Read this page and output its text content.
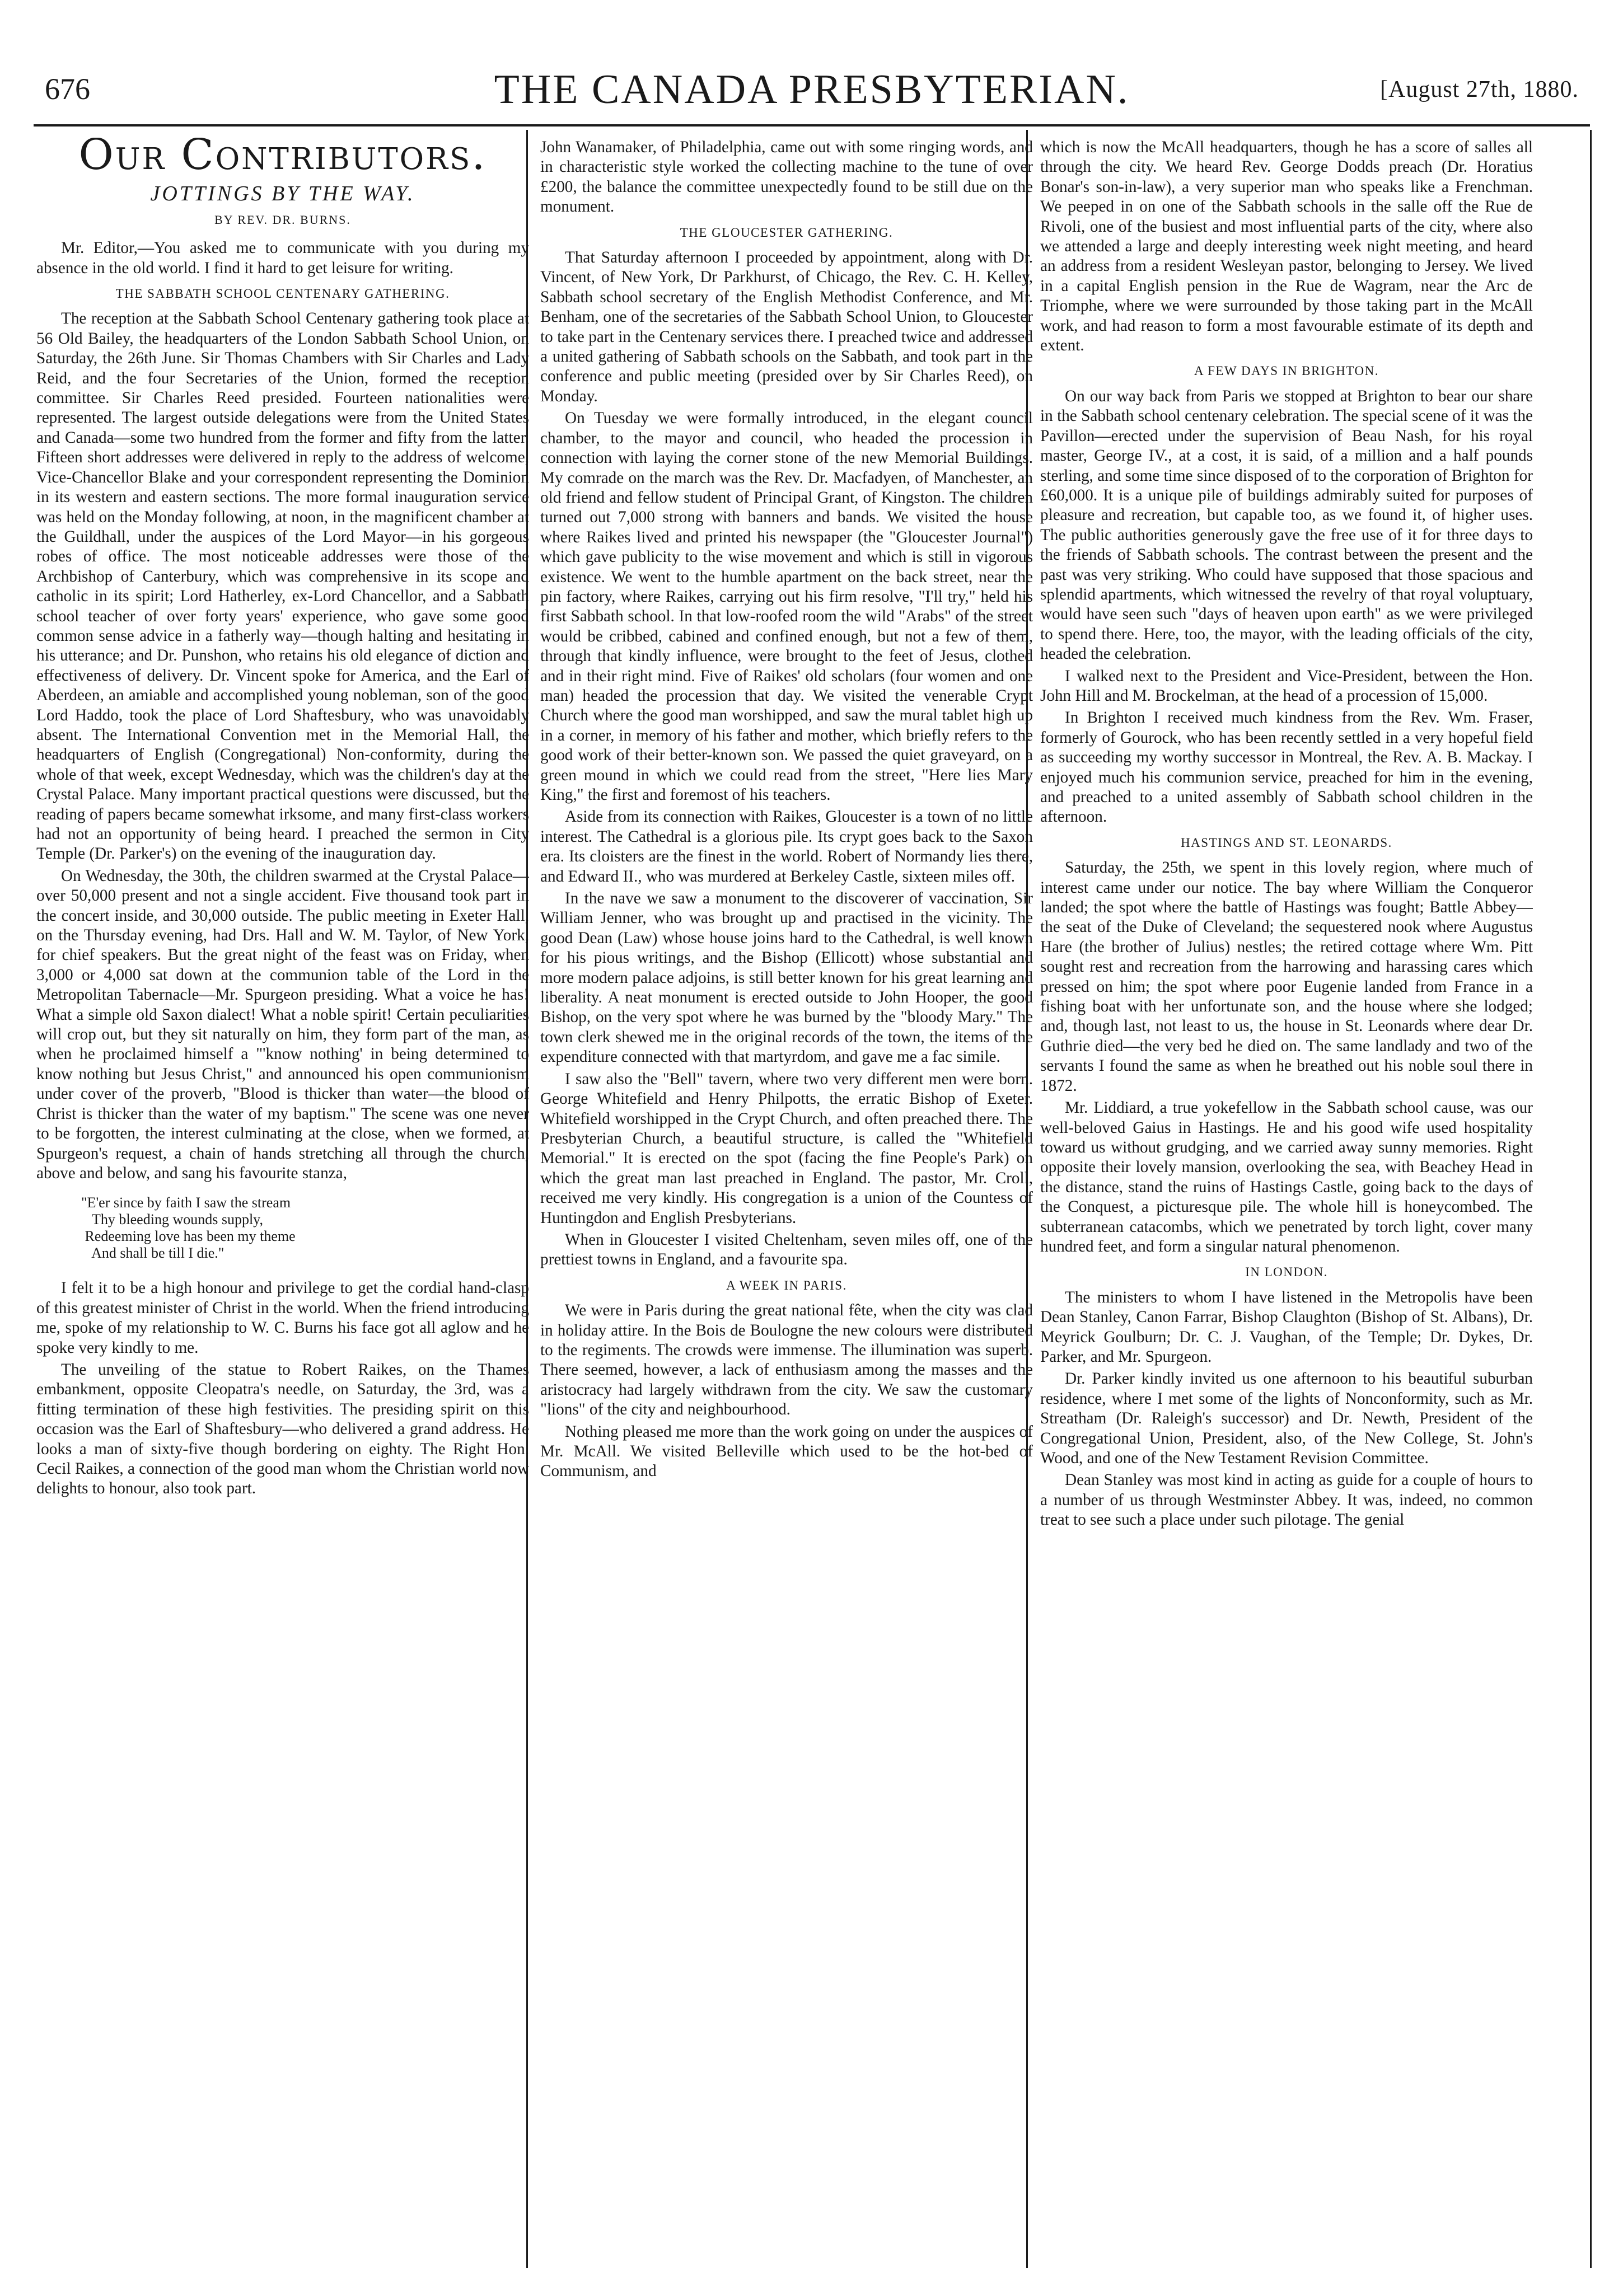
676	THE CANADA PRESBYTERIAN.	[August 27th, 1880.
Our Contributors.
JOTTINGS BY THE WAY.
BY REV. DR. BURNS.

Mr. Editor,—You asked me to communicate with you during my absence in the old world. I find it hard to get leisure for writing.

THE SABBATH SCHOOL CENTENARY GATHERING.

The reception at the Sabbath School Centenary gathering took place at 56 Old Bailey, the headquarters of the London Sabbath School Union, on Saturday, the 26th June. Sir Thomas Chambers with Sir Charles and Lady Reid, and the four Secretaries of the Union, formed the reception committee. Sir Charles Reed presided. Fourteen nationalities were represented. The largest outside delegations were from the United States and Canada—some two hundred from the former and fifty from the latter. Fifteen short addresses were delivered in reply to the address of welcome, Vice-Chancellor Blake and your correspondent representing the Dominion in its western and eastern sections. The more formal inauguration service was held on the Monday following, at noon, in the magnificent chamber at the Guildhall, under the auspices of the Lord Mayor—in his gorgeous robes of office. The most noticeable addresses were those of the Archbishop of Canterbury, which was comprehensive in its scope and catholic in its spirit; Lord Hatherley, ex-Lord Chancellor, and a Sabbath school teacher of over forty years' experience, who gave some good common sense advice in a fatherly way—though halting and hesitating in his utterance; and Dr. Punshon, who retains his old elegance of diction and effectiveness of delivery. Dr. Vincent spoke for America, and the Earl of Aberdeen, an amiable and accomplished young nobleman, son of the good Lord Haddo, took the place of Lord Shaftesbury, who was unavoidably absent. The International Convention met in the Memorial Hall, the headquarters of English (Congregational) Non-conformity, during the whole of that week, except Wednesday, which was the children's day at the Crystal Palace. Many important practical questions were discussed, but the reading of papers became somewhat irksome, and many first-class workers had not an opportunity of being heard. I preached the sermon in City Temple (Dr. Parker's) on the evening of the inauguration day.

On Wednesday, the 30th, the children swarmed at the Crystal Palace—over 50,000 present and not a single accident. Five thousand took part in the concert inside, and 30,000 outside. The public meeting in Exeter Hall, on the Thursday evening, had Drs. Hall and W. M. Taylor, of New York, for chief speakers. But the great night of the feast was on Friday, when 3,000 or 4,000 sat down at the communion table of the Lord in the Metropolitan Tabernacle—Mr. Spurgeon presiding. What a voice he has! What a simple old Saxon dialect! What a noble spirit! Certain peculiarities will crop out, but they sit naturally on him, they form part of the man, as when he proclaimed himself a "'know nothing' in being determined to know nothing but Jesus Christ," and announced his open communionism under cover of the proverb, "Blood is thicker than water—the blood of Christ is thicker than the water of my baptism." The scene was one never to be forgotten, the interest culminating at the close, when we formed, at Spurgeon's request, a chain of hands stretching all through the church, above and below, and sang his favourite stanza,

"E'er since by faith I saw the stream
Thy bleeding wounds supply,
Redeeming love has been my theme
And shall be till I die."

I felt it to be a high honour and privilege to get the cordial hand-clasp of this greatest minister of Christ in the world. When the friend introducing me, spoke of my relationship to W. C. Burns his face got all aglow and he spoke very kindly to me.

The unveiling of the statue to Robert Raikes, on the Thames embankment, opposite Cleopatra's needle, on Saturday, the 3rd, was a fitting termination of these high festivities. The presiding spirit on this occasion was the Earl of Shaftesbury—who delivered a grand address. He looks a man of sixty-five though bordering on eighty. The Right Hon. Cecil Raikes, a connection of the good man whom the Christian world now delights to honour, also took part.

John Wanamaker, of Philadelphia, came out with some ringing words, and in characteristic style worked the collecting machine to the tune of over £200, the balance the committee unexpectedly found to be still due on the monument.

THE GLOUCESTER GATHERING.

That Saturday afternoon I proceeded by appointment, along with Dr. Vincent, of New York, Dr Parkhurst, of Chicago, the Rev. C. H. Kelley, Sabbath school secretary of the English Methodist Conference, and Mr. Benham, one of the secretaries of the Sabbath School Union, to Gloucester to take part in the Centenary services there. I preached twice and addressed a united gathering of Sabbath schools on the Sabbath, and took part in the conference and public meeting (presided over by Sir Charles Reed), on Monday.

On Tuesday we were formally introduced, in the elegant council chamber, to the mayor and council, who headed the procession in connection with laying the corner stone of the new Memorial Buildings. My comrade on the march was the Rev. Dr. Macfadyen, of Manchester, an old friend and fellow student of Principal Grant, of Kingston. The children turned out 7,000 strong with banners and bands. We visited the house where Raikes lived and printed his newspaper (the "Gloucester Journal") which gave publicity to the wise movement and which is still in vigorous existence. We went to the humble apartment on the back street, near the pin factory, where Raikes, carrying out his firm resolve, "I'll try," held his first Sabbath school. In that low-roofed room the wild "Arabs" of the street would be cribbed, cabined and confined enough, but not a few of them, through that kindly influence, were brought to the feet of Jesus, clothed and in their right mind. Five of Raikes' old scholars (four women and one man) headed the procession that day. We visited the venerable Crypt Church where the good man worshipped, and saw the mural tablet high up in a corner, in memory of his father and mother, which briefly refers to the good work of their better-known son. We passed the quiet graveyard, on a green mound in which we could read from the street, "Here lies Mary King," the first and foremost of his teachers.

Aside from its connection with Raikes, Gloucester is a town of no little interest. The Cathedral is a glorious pile. Its crypt goes back to the Saxon era. Its cloisters are the finest in the world. Robert of Normandy lies there, and Edward II., who was murdered at Berkeley Castle, sixteen miles off.

In the nave we saw a monument to the discoverer of vaccination, Sir William Jenner, who was brought up and practised in the vicinity. The good Dean (Law) whose house joins hard to the Cathedral, is well known for his pious writings, and the Bishop (Ellicott) whose substantial and more modern palace adjoins, is still better known for his great learning and liberality. A neat monument is erected outside to John Hooper, the good Bishop, on the very spot where he was burned by the "bloody Mary." The town clerk shewed me in the original records of the town, the items of the expenditure connected with that martyrdom, and gave me a fac simile.

I saw also the "Bell" tavern, where two very different men were born. George Whitefield and Henry Philpotts, the erratic Bishop of Exeter. Whitefield worshipped in the Crypt Church, and often preached there. The Presbyterian Church, a beautiful structure, is called the "Whitefield Memorial." It is erected on the spot (facing the fine People's Park) on which the great man last preached in England. The pastor, Mr. Croll, received me very kindly. His congregation is a union of the Countess of Huntingdon and English Presbyterians.

When in Gloucester I visited Cheltenham, seven miles off, one of the prettiest towns in England, and a favourite spa.

A WEEK IN PARIS.

We were in Paris during the great national fête, when the city was clad in holiday attire. In the Bois de Boulogne the new colours were distributed to the regiments. The crowds were immense. The illumination was superb. There seemed, however, a lack of enthusiasm among the masses and the aristocracy had largely withdrawn from the city. We saw the customary "lions" of the city and neighbourhood.

Nothing pleased me more than the work going on under the auspices of Mr. McAll. We visited Belleville which used to be the hot-bed of Communism, and

which is now the McAll headquarters, though he has a score of salles all through the city. We heard Rev. George Dodds preach (Dr. Horatius Bonar's son-in-law), a very superior man who speaks like a Frenchman. We peeped in on one of the Sabbath schools in the salle off the Rue de Rivoli, one of the busiest and most influential parts of the city, where also we attended a large and deeply interesting week night meeting, and heard an address from a resident Wesleyan pastor, belonging to Jersey. We lived in a capital English pension in the Rue de Wagram, near the Arc de Triomphe, where we were surrounded by those taking part in the McAll work, and had reason to form a most favourable estimate of its depth and extent.

A FEW DAYS IN BRIGHTON.

On our way back from Paris we stopped at Brighton to bear our share in the Sabbath school centenary celebration. The special scene of it was the Pavillon—erected under the supervision of Beau Nash, for his royal master, George IV., at a cost, it is said, of a million and a half pounds sterling, and some time since disposed of to the corporation of Brighton for £60,000. It is a unique pile of buildings admirably suited for purposes of pleasure and recreation, but capable too, as we found it, of higher uses. The public authorities generously gave the free use of it for three days to the friends of Sabbath schools. The contrast between the present and the past was very striking. Who could have supposed that those spacious and splendid apartments, which witnessed the revelry of that royal voluptuary, would have seen such "days of heaven upon earth" as we were privileged to spend there. Here, too, the mayor, with the leading officials of the city, headed the celebration.

I walked next to the President and Vice-President, between the Hon. John Hill and M. Brockelman, at the head of a procession of 15,000.

In Brighton I received much kindness from the Rev. Wm. Fraser, formerly of Gourock, who has been recently settled in a very hopeful field as succeeding my worthy successor in Montreal, the Rev. A. B. Mackay. I enjoyed much his communion service, preached for him in the evening, and preached to a united assembly of Sabbath school children in the afternoon.

HASTINGS AND ST. LEONARDS.

Saturday, the 25th, we spent in this lovely region, where much of interest came under our notice. The bay where William the Conqueror landed; the spot where the battle of Hastings was fought; Battle Abbey—the seat of the Duke of Cleveland; the sequestered nook where Augustus Hare (the brother of Julius) nestles; the retired cottage where Wm. Pitt sought rest and recreation from the harrowing and harassing cares which pressed on him; the spot where poor Eugenie landed from France in a fishing boat with her unfortunate son, and the house where she lodged; and, though last, not least to us, the house in St. Leonards where dear Dr. Guthrie died—the very bed he died on. The same landlady and two of the servants I found the same as when he breathed out his noble soul there in 1872.

Mr. Liddiard, a true yokefellow in the Sabbath school cause, was our well-beloved Gaius in Hastings. He and his good wife used hospitality toward us without grudging, and we carried away sunny memories. Right opposite their lovely mansion, overlooking the sea, with Beachey Head in the distance, stand the ruins of Hastings Castle, going back to the days of the Conquest, a picturesque pile. The whole hill is honeycombed. The subterranean catacombs, which we penetrated by torch light, cover many hundred feet, and form a singular natural phenomenon.

IN LONDON.

The ministers to whom I have listened in the Metropolis have been Dean Stanley, Canon Farrar, Bishop Claughton (Bishop of St. Albans), Dr. Meyrick Goulburn; Dr. C. J. Vaughan, of the Temple; Dr. Dykes, Dr. Parker, and Mr. Spurgeon.

Dr. Parker kindly invited us one afternoon to his beautiful suburban residence, where I met some of the lights of Nonconformity, such as Mr. Streatham (Dr. Raleigh's successor) and Dr. Newth, President of the Congregational Union, President, also, of the New College, St. John's Wood, and one of the New Testament Revision Committee.

Dean Stanley was most kind in acting as guide for a couple of hours to a number of us through Westminster Abbey. It was, indeed, no common treat to see such a place under such pilotage. The genial
